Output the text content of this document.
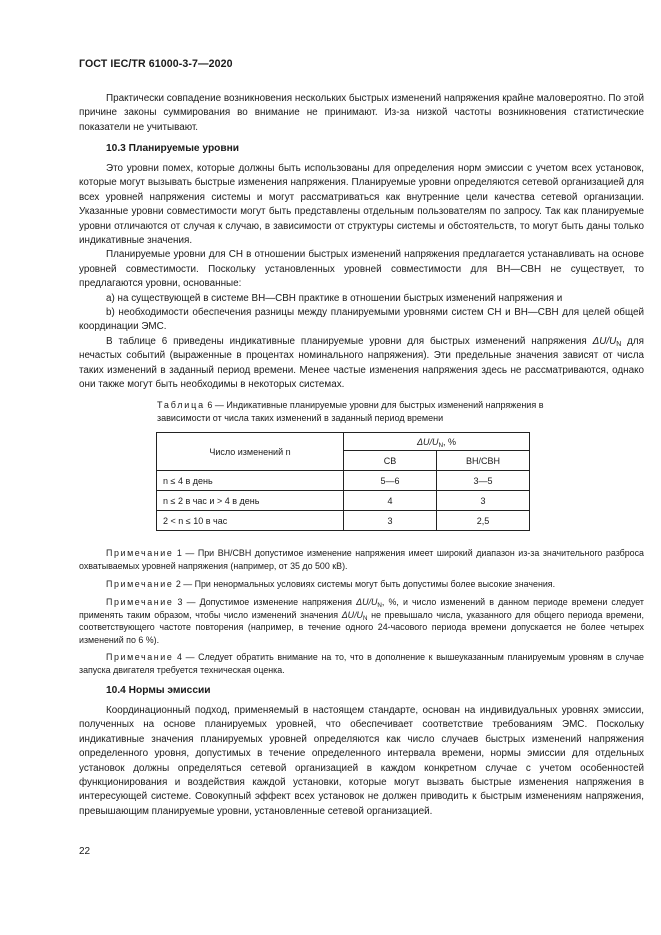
ГОСТ IEC/TR 61000-3-7—2020

Практически совпадение возникновения нескольких быстрых изменений напряжения крайне маловероятно. По этой причине законы суммирования во внимание не принимают. Из-за низкой частоты возникновения статистические показатели не учитывают.

10.3 Планируемые уровни

Это уровни помех, которые должны быть использованы для определения норм эмиссии с учетом всех установок, которые могут вызывать быстрые изменения напряжения. Планируемые уровни определяются сетевой организацией для всех уровней напряжения системы и могут рассматриваться как внутренние цели качества сетевой организации. Указанные уровни совместимости могут быть представлены отдельным пользователям по запросу. Так как планируемые уровни отличаются от случая к случаю, в зависимости от структуры системы и обстоятельств, то могут быть даны только индикативные значения.

Планируемые уровни для СН в отношении быстрых изменений напряжения предлагается устанавливать на основе уровней совместимости. Поскольку установленных уровней совместимости для ВН—СВН не существует, то предлагаются уровни, основанные:

а) на существующей в системе ВН—СВН практике в отношении быстрых изменений напряжения и

b) необходимости обеспечения разницы между планируемыми уровнями систем СН и ВН—СВН для целей общей координации ЭМС.

В таблице 6 приведены индикативные планируемые уровни для быстрых изменений напряжения $\Delta U/U_N$ для нечастых событий (выраженные в процентах номинального напряжения). Эти предельные значения зависят от числа таких изменений в заданный период времени. Менее частые изменения напряжения здесь не рассматриваются, однако они также могут быть необходимы в некоторых системах.

Таблица 6 — Индикативные планируемые уровни для быстрых изменений напряжения в зависимости от числа таких изменений в заданный период времени
Число изменений n	$\Delta U/U_N$, %	
	СВ	ВН/СВН
n ≤ 4 в день	5—6	3—5
n ≤ 2 в час и > 4 в день	4	3
2 < n ≤ 10 в час	3	2,5

Примечание 1 — При ВН/СВН допустимое изменение напряжения имеет широкий диапазон из-за значительного разброса охватываемых уровней напряжения (например, от 35 до 500 кВ).

Примечание 2 — При ненормальных условиях системы могут быть допустимы более высокие значения.

Примечание 3 — Допустимое изменение напряжения $\Delta U/U_N$, %, и число изменений в данном периоде времени следует применять таким образом, чтобы число изменений значения $\Delta U/U_N$ не превышало числа, указанного для общего периода времени, соответствующего частоте повторения (например, в течение одного 24-часового периода времени допускается не более четырех изменений по 6 %).

Примечание 4 — Следует обратить внимание на то, что в дополнение к вышеуказанным планируемым уровням в случае запуска двигателя требуется техническая оценка.

10.4 Нормы эмиссии

Координационный подход, применяемый в настоящем стандарте, основан на индивидуальных уровнях эмиссии, полученных на основе планируемых уровней, что обеспечивает соответствие требованиям ЭМС. Поскольку индикативные значения планируемых уровней определяются как число случаев быстрых изменений напряжения определенного уровня, допустимых в течение определенного интервала времени, нормы эмиссии для отдельных установок должны определяться сетевой организацией в каждом конкретном случае с учетом особенностей функционирования и воздействия каждой установки, которые могут вызвать быстрые изменения напряжения в интересующей системе. Совокупный эффект всех установок не должен приводить к быстрым изменениям напряжения, превышающим планируемые уровни, установленные сетевой организацией.

22
